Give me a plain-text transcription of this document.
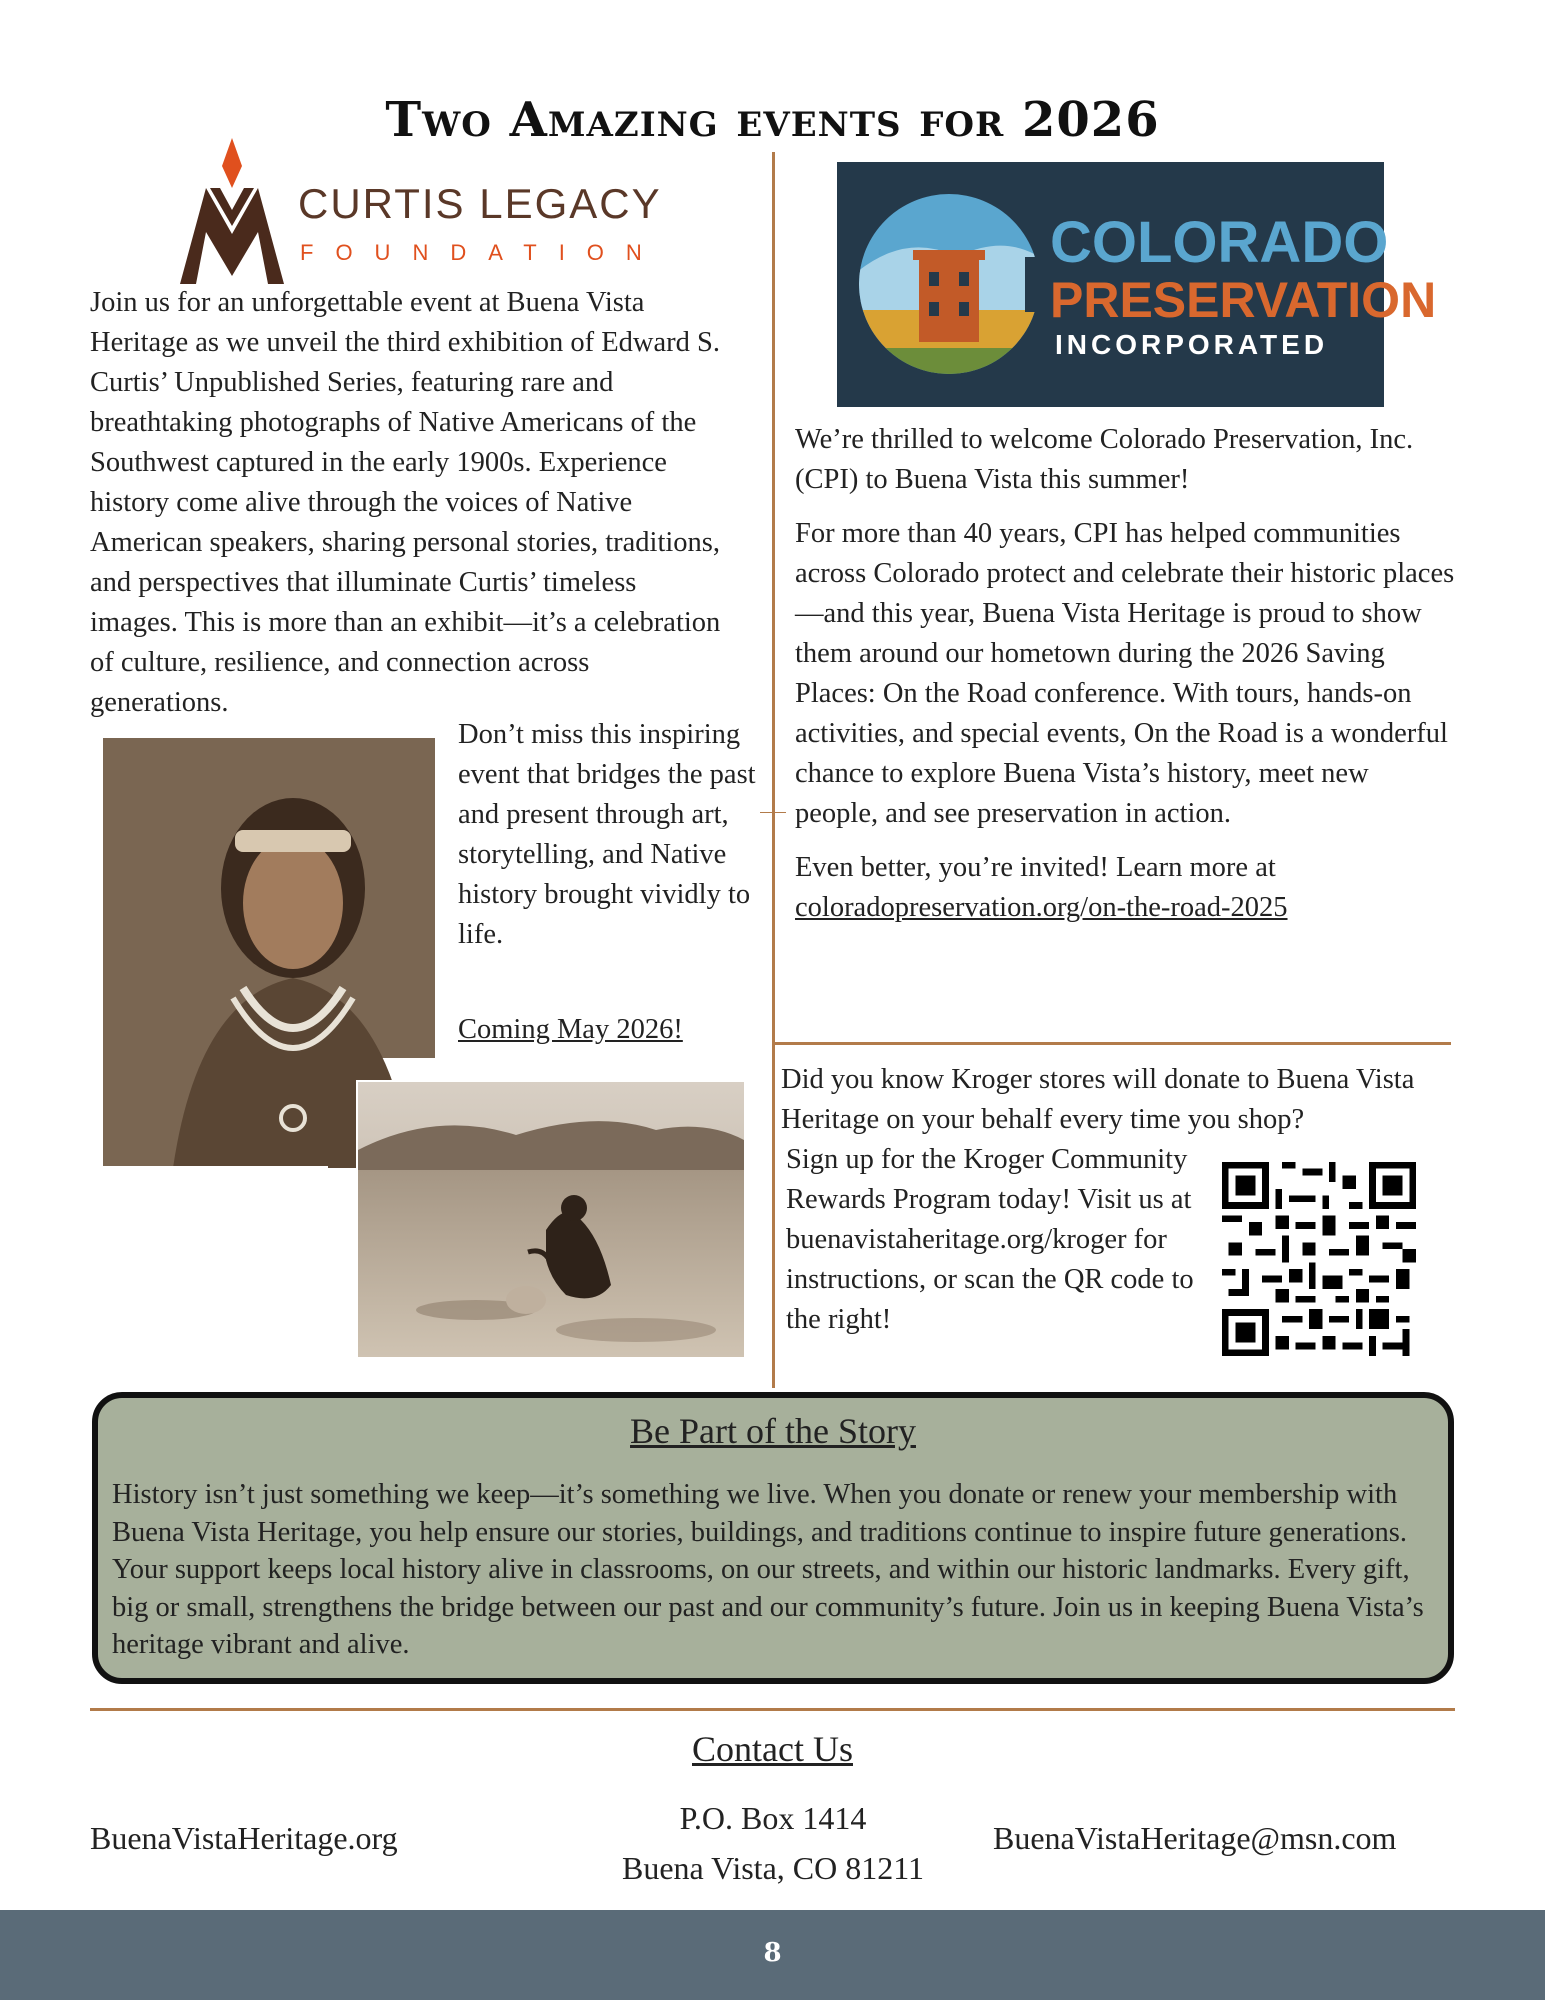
Two Amazing events for 2026
CURTIS LEGACY
FOUNDATION
Join us for an unforgettable event at Buena Vista Heritage as we unveil the third exhibition of Edward S. Curtis’ Unpublished Series, featuring rare and breathtaking photographs of Native Americans of the Southwest captured in the early 1900s. Experience history come alive through the voices of Native American speakers, sharing personal stories, traditions, and perspectives that illuminate Curtis’ timeless images. This is more than an exhibit—it’s a celebration of culture, resilience, and connection across generations.
Don’t miss this inspiring event that bridges the past and present through art, storytelling, and Native history brought vividly to life.
Coming May 2026!
COLORADO
PRESERVATION
INCORPORATED

We’re thrilled to welcome Colorado Preservation, Inc. (CPI) to Buena Vista this summer!

For more than 40 years, CPI has helped communities across Colorado protect and celebrate their historic places—and this year, Buena Vista Heritage is proud to show them around our hometown during the 2026 Saving Places: On the Road conference. With tours, hands-on activities, and special events, On the Road is a wonderful chance to explore Buena Vista’s history, meet new people, and see preservation in action.

Even better, you’re invited! Learn more at
coloradopreservation.org/on-the-road-2025

Did you know Kroger stores will donate to Buena Vista Heritage on your behalf every time you shop?
Sign up for the Kroger Community Rewards Program today! Visit us at buenavistaheritage.org/kroger for instructions, or scan the QR code to the right!
Be Part of the Story
History isn’t just something we keep—it’s something we live. When you donate or renew your membership with Buena Vista Heritage, you help ensure our stories, buildings, and traditions continue to inspire future generations. Your support keeps local history alive in classrooms, on our streets, and within our historic landmarks. Every gift, big or small, strengthens the bridge between our past and our community’s future. Join us in keeping Buena Vista’s heritage vibrant and alive.
Contact Us
BuenaVistaHeritage.org
P.O. Box 1414
Buena Vista, CO 81211
BuenaVistaHeritage@msn.com
8
